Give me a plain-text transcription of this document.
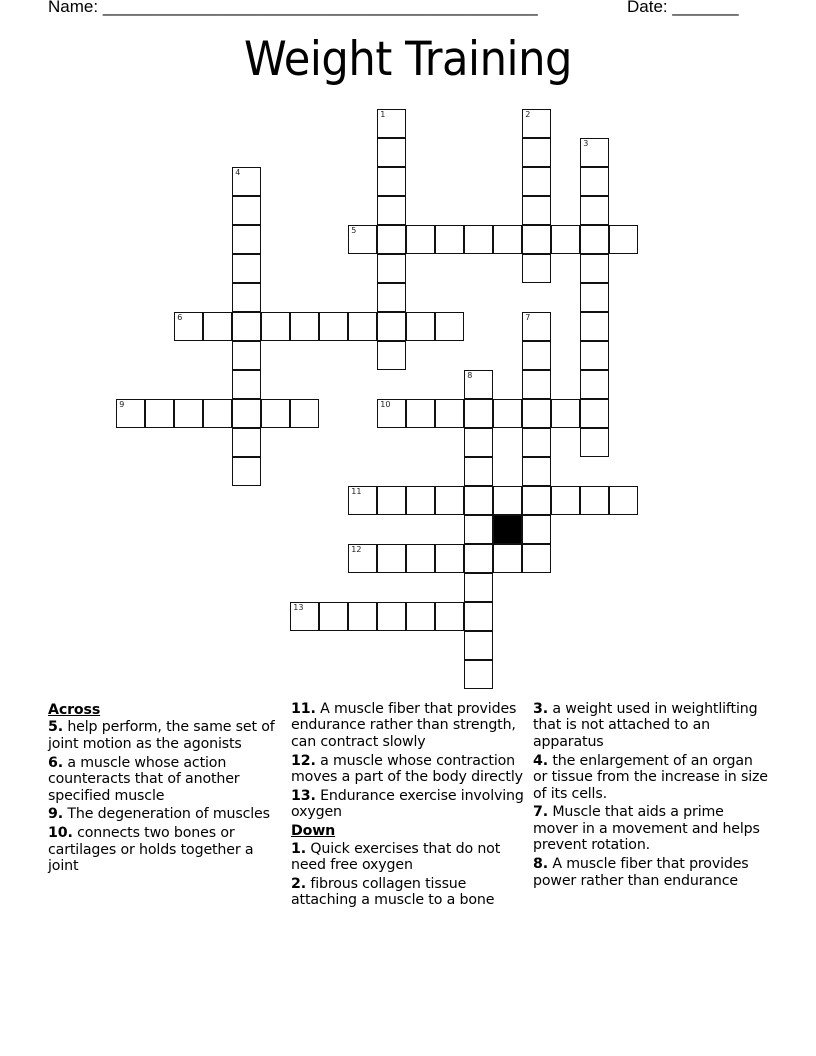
Name: ______________________________________________	Date: _______
Weight Training
1	2
3
4
5
6	7
8
9	10
11
12
13
Across
5. help perform, the same set of joint motion as the agonists
6. a muscle whose action counteracts that of another specified muscle
9. The degeneration of muscles
10. connects two bones or cartilages or holds together a joint
11. A muscle fiber that provides endurance rather than strength, can contract slowly
12. a muscle whose contraction moves a part of the body directly
13. Endurance exercise involving oxygen
Down
1. Quick exercises that do not need free oxygen
2. fibrous collagen tissue attaching a muscle to a bone
3. a weight used in weightlifting that is not attached to an apparatus
4. the enlargement of an organ or tissue from the increase in size of its cells.
7. Muscle that aids a prime mover in a movement and helps prevent rotation.
8. A muscle fiber that provides power rather than endurance
